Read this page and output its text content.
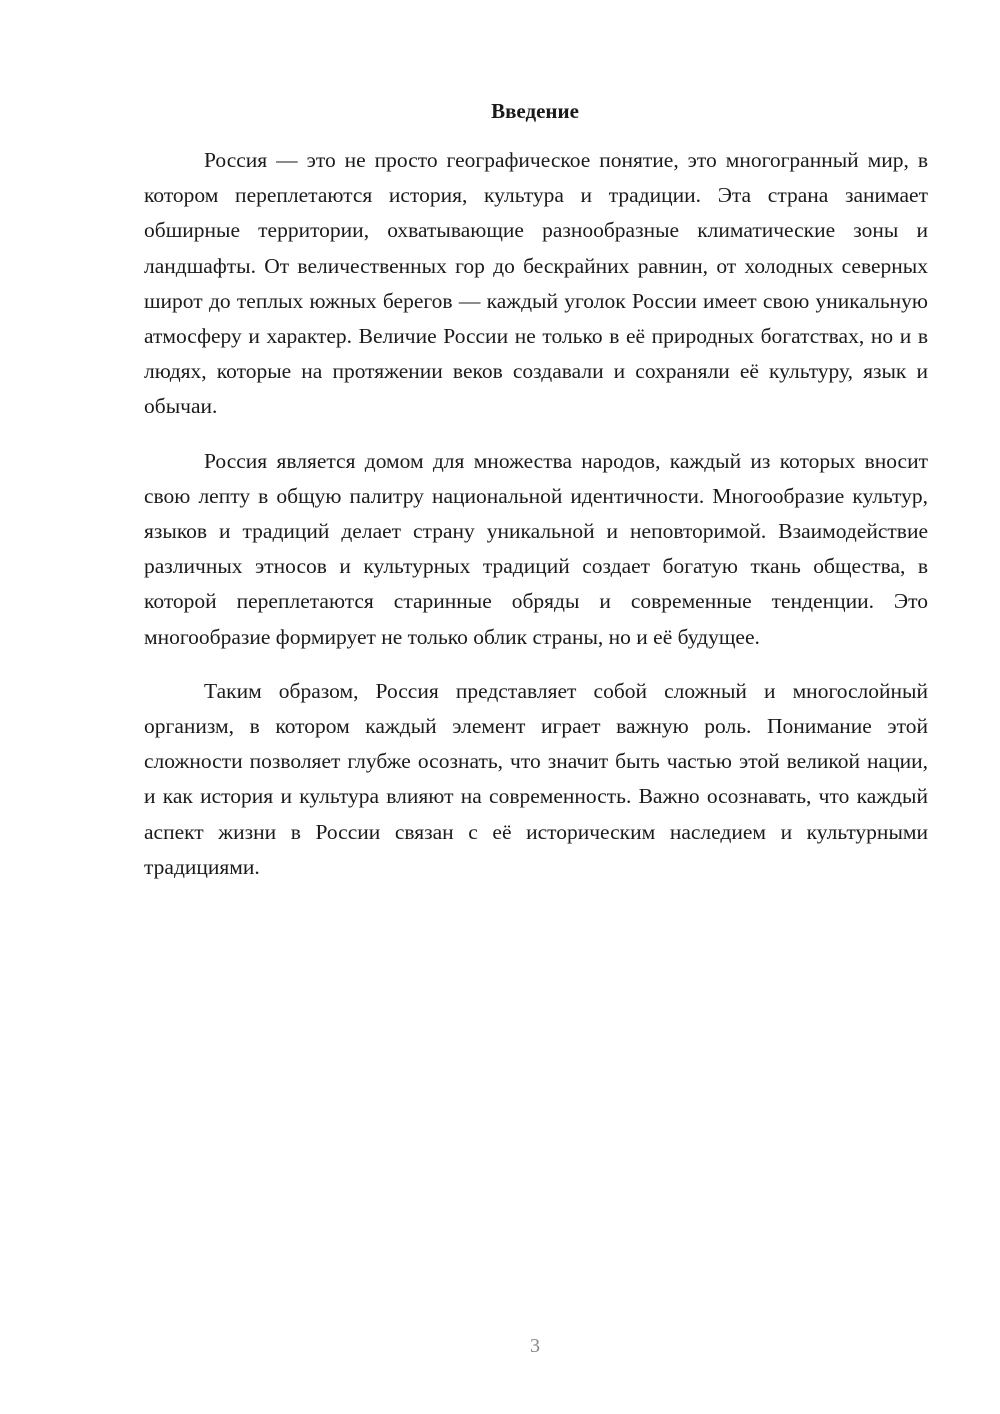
Введение

Россия — это не просто географическое понятие, это многогранный мир, в котором переплетаются история, культура и традиции. Эта страна занимает обширные территории, охватывающие разнообразные климатические зоны и ландшафты. От величественных гор до бескрайних равнин, от холодных северных широт до теплых южных берегов — каждый уголок России имеет свою уникальную атмосферу и характер. Величие России не только в её природных богатствах, но и в людях, которые на протяжении веков создавали и сохраняли её культуру, язык и обычаи.

Россия является домом для множества народов, каждый из которых вносит свою лепту в общую палитру национальной идентичности. Многообразие культур, языков и традиций делает страну уникальной и неповторимой. Взаимодействие различных этносов и культурных традиций создает богатую ткань общества, в которой переплетаются старинные обряды и современные тенденции. Это многообразие формирует не только облик страны, но и её будущее.

Таким образом, Россия представляет собой сложный и многослойный организм, в котором каждый элемент играет важную роль. Понимание этой сложности позволяет глубже осознать, что значит быть частью этой великой нации, и как история и культура влияют на современность. Важно осознавать, что каждый аспект жизни в России связан с её историческим наследием и культурными традициями.

3
